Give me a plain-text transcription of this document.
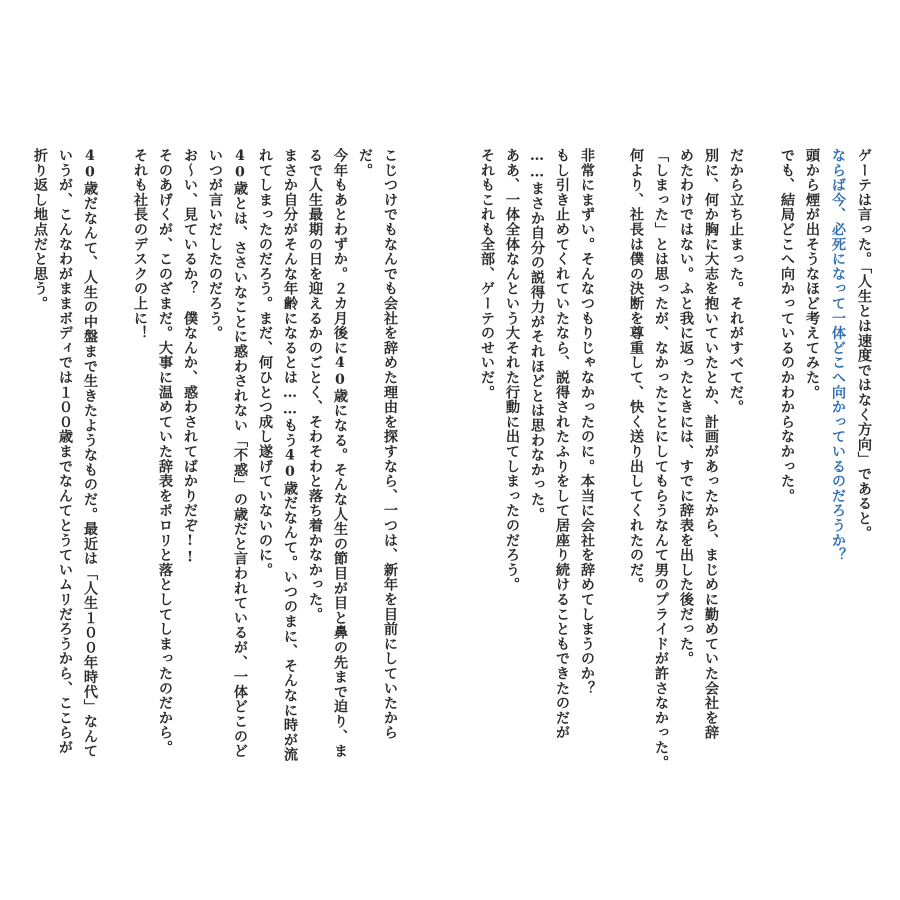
ゲーテは言った。「人生とは速度ではなく方向」であると。
ならば今、必死になって一体どこへ向かっているのだろうか？
頭から煙が出そうなほど考えてみた。
でも、結局どこへ向かっているのかわからなかった。
だから立ち止まった。それがすべてだ。
別に、何か胸に大志を抱いていたとか、計画があったから、まじめに勤めていた会社を辞
めたわけではない。ふと我に返ったときには、すでに辞表を出した後だった。
「しまった」とは思ったが、なかったことにしてもらうなんて男のプライドが許さなかった。
何より、社長は僕の決断を尊重して、快く送り出してくれたのだ。
非常にまずい。そんなつもりじゃなかったのに。本当に会社を辞めてしまうのか？
もし引き止めてくれていたなら、説得されたふりをして居座り続けることもできたのだが
……まさか自分の説得力がそれほどとは思わなかった。
ああ、一体全体なんという大それた行動に出てしまったのだろう。
それもこれも全部、ゲーテのせいだ。
こじつけでもなんでも会社を辞めた理由を探すなら、一つは、新年を目前にしていたから
だ。
今年もあとわずか。２カ月後に40歳になる。そんな人生の節目が目と鼻の先まで迫り、ま
るで人生最期の日を迎えるかのごとく、そわそわと落ち着かなかった。
まさか自分がそんな年齢になるとは……もう40歳だなんて。いつのまに、そんなに時が流
れてしまったのだろう。まだ、何ひとつ成し遂げていないのに。
40歳とは、ささいなことに惑わされない「不惑」の歳だと言われているが、一体どこのど
いつが言いだしたのだろう。
お〜い、見ているか？　僕なんか、惑わされてばかりだぞ!!
そのあげくが、このざまだ。大事に温めていた辞表をポロリと落としてしまったのだから。
それも社長のデスクの上に！
40歳だなんて、人生の中盤まで生きたようなものだ。最近は「人生１００年時代」なんて
いうが、こんなわがままボディでは１００歳までなんてとうていムリだろうから、ここらが
折り返し地点だと思う。
